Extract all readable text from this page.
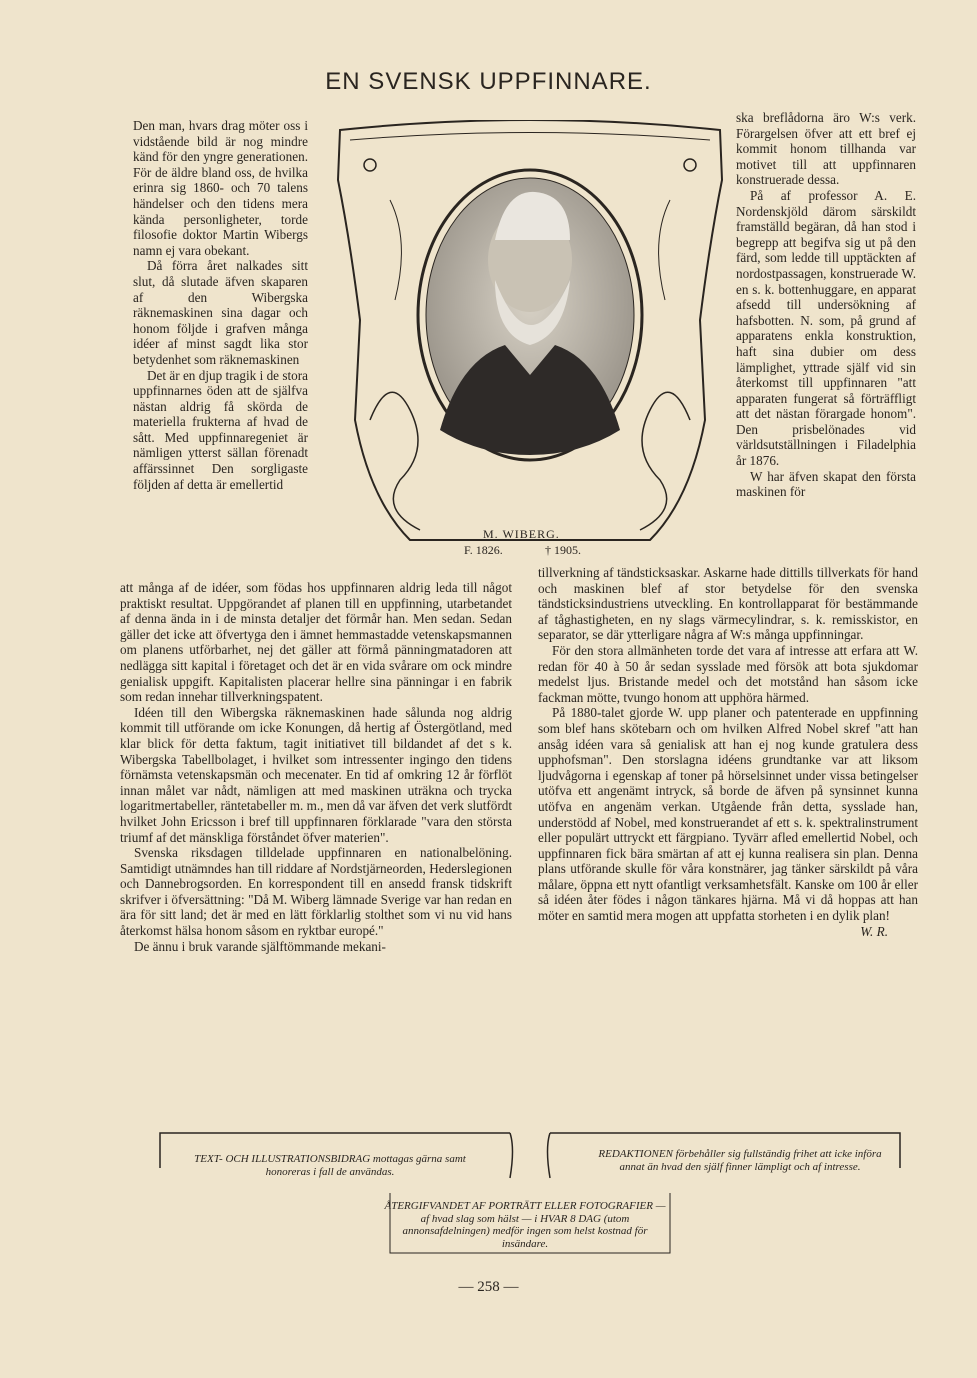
EN SVENSK UPPFINNARE.
M. WIBERG.
F. 1826.	† 1905.

Den man, hvars drag möter oss i vidstående bild är nog mindre känd för den yngre generationen. För de äldre bland oss, de hvilka erinra sig 1860- och 70 talens händelser och den tidens mera kända personligheter, torde filosofie doktor Martin Wibergs namn ej vara obekant.

Då förra året nalkades sitt slut, då slutade äfven skaparen af den Wibergska räknemaskinen sina dagar och honom följde i grafven många idéer af minst sagdt lika stor betydenhet som räknemaskinen

Det är en djup tragik i de stora uppfinnarnes öden att de själfva nästan aldrig få skörda de materiella frukterna af hvad de sått. Med uppfinnaregeniet är nämligen ytterst sällan förenadt affärssinnet Den sorgligaste följden af detta är emellertid

ska breflådorna äro W:s verk. Förargelsen öfver att ett bref ej kommit honom tillhanda var motivet till att uppfinnaren konstruerade dessa.

På af professor A. E. Nordenskjöld därom särskildt framställd begäran, då han stod i begrepp att begifva sig ut på den färd, som ledde till upptäckten af nordostpassagen, konstruerade W. en s. k. bottenhuggare, en apparat afsedd till undersökning af hafsbotten. N. som, på grund af apparatens enkla konstruktion, haft sina dubier om dess lämplighet, yttrade själf vid sin återkomst till uppfinnaren "att apparaten fungerat så förträffligt att det nästan förargade honom". Den prisbelönades vid världsutställningen i Filadelphia år 1876.

W har äfven skapat den första maskinen för

att många af de idéer, som födas hos uppfinnaren aldrig leda till något praktiskt resultat. Uppgörandet af planen till en uppfinning, utarbetandet af denna ända in i de minsta detaljer det förmår han. Men sedan. Sedan gäller det icke att öfvertyga den i ämnet hemmastadde vetenskapsmannen om planens utförbarhet, nej det gäller att förmå pänningmatadoren att nedlägga sitt kapital i företaget och det är en vida svårare om ock mindre genialisk uppgift. Kapitalisten placerar hellre sina pänningar i en fabrik som redan innehar tillverkningspatent.

Idéen till den Wibergska räknemaskinen hade sålunda nog aldrig kommit till utförande om icke Konungen, då hertig af Östergötland, med klar blick för detta faktum, tagit initiativet till bildandet af det s k. Wibergska Tabellbolaget, i hvilket som intressenter ingingo den tidens förnämsta vetenskapsmän och mecenater. En tid af omkring 12 år förflöt innan målet var nådt, nämligen att med maskinen uträkna och trycka logaritmertabeller, räntetabeller m. m., men då var äfven det verk slutfördt hvilket John Ericsson i bref till uppfinnaren förklarade "vara den största triumf af det mänskliga förståndet öfver materien".

Svenska riksdagen tilldelade uppfinnaren en nationalbelöning. Samtidigt utnämndes han till riddare af Nordstjärneorden, Hederslegionen och Dannebrogsorden. En korrespondent till en ansedd fransk tidskrift skrifver i öfversättning: "Då M. Wiberg lämnade Sverige var han redan en ära för sitt land; det är med en lätt förklarlig stolthet som vi nu vid hans återkomst hälsa honom såsom en ryktbar europé."

De ännu i bruk varande själftömmande mekani-

tillverkning af tändsticksaskar. Askarne hade dittills tillverkats för hand och maskinen blef af stor betydelse för den svenska tändsticksindustriens utveckling. En kontrollapparat för bestämmande af tåghastigheten, en ny slags värmecylindrar, s. k. remisskistor, en separator, se där ytterligare några af W:s många uppfinningar.

För den stora allmänheten torde det vara af intresse att erfara att W. redan för 40 à 50 år sedan sysslade med försök att bota sjukdomar medelst ljus. Bristande medel och det motstånd han såsom icke fackman mötte, tvungo honom att upphöra härmed.

På 1880-talet gjorde W. upp planer och patenterade en uppfinning som blef hans skötebarn och om hvilken Alfred Nobel skref "att han ansåg idéen vara så genialisk att han ej nog kunde gratulera dess upphofsman". Den storslagna idéens grundtanke var att liksom ljudvågorna i egenskap af toner på hörselsinnet under vissa betingelser utöfva ett angenämt intryck, så borde de äfven på synsinnet kunna utöfva en angenäm verkan. Utgående från detta, sysslade han, understödd af Nobel, med konstruerandet af ett s. k. spektralinstrument eller populärt uttryckt ett färgpiano. Tyvärr afled emellertid Nobel, och uppfinnaren fick bära smärtan af att ej kunna realisera sin plan. Denna plans utförande skulle för våra konstnärer, jag tänker särskildt på våra målare, öppna ett nytt ofantligt verksamhetsfält. Kanske om 100 år eller så idéen åter födes i någon tänkares hjärna. Må vi då hoppas att han möter en samtid mera mogen att uppfatta storheten i en dylik plan!

W. R.

TEXT- OCH ILLUSTRATIONSBIDRAG mottagas gärna samt honoreras i fall de användas.
REDAKTIONEN förbehåller sig fullständig frihet att icke införa annat än hvad den själf finner lämpligt och af intresse.
ÅTERGIFVANDET AF PORTRÄTT ELLER FOTOGRAFIER — af hvad slag som hälst — i HVAR 8 DAG (utom annonsafdelningen) medför ingen som helst kostnad för insändare.
— 258 —
